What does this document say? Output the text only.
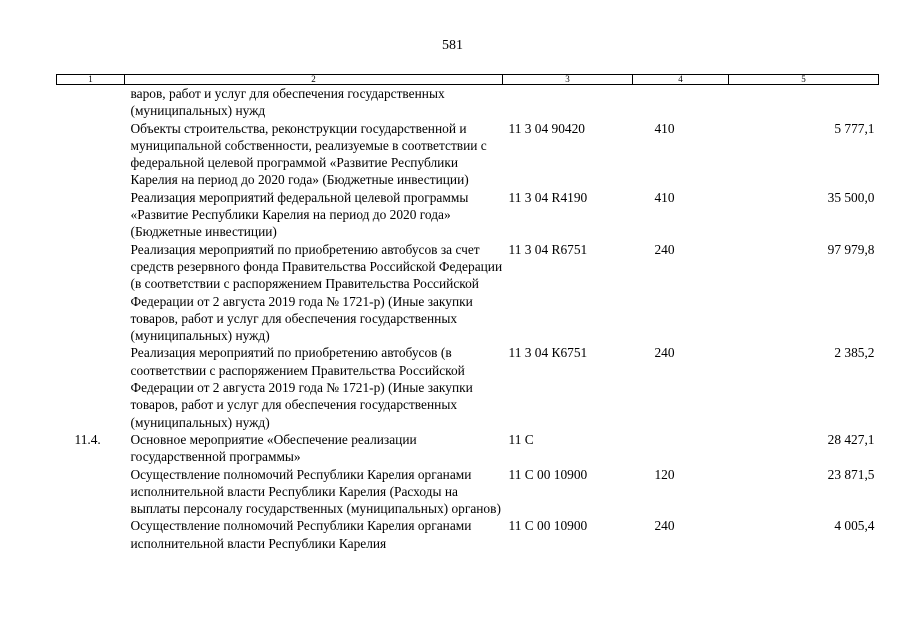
581
1	2	3	4	5
	варов, работ и услуг для обеспечения государственных (муниципальных) нужд			
	Объекты строительства, реконструкции государственной и муниципальной собственности, реализуемые в соответствии с федеральной целевой программой «Развитие Республики Карелия на период до 2020 года» (Бюджетные инвестиции)	11 3 04 90420	410	5 777,1
	Реализация мероприятий федеральной целевой программы «Развитие Республики Карелия на период до 2020 года» (Бюджетные инвестиции)	11 3 04 R4190	410	35 500,0
	Реализация мероприятий по приобретению автобусов за счет средств резервного фонда Правительства Российской Федерации (в соответствии с распоряжением Правительства Российской Федерации от 2 августа 2019 года № 1721-р) (Иные закупки товаров, работ и услуг для обеспечения государственных (муниципальных) нужд)	11 3 04 R6751	240	97 979,8
	Реализация мероприятий по приобретению автобусов (в соответствии с распоряжением Правительства Российской Федерации от 2 августа 2019 года № 1721-р) (Иные закупки товаров, работ и услуг для обеспечения государственных (муниципальных) нужд)	11 3 04 К6751	240	2 385,2
11.4.	Основное мероприятие «Обеспечение реализации государственной программы»	11 С		28 427,1
	Осуществление полномочий Республики Карелия органами исполнительной власти Республики Карелия (Расходы на выплаты персоналу государственных (муниципальных) органов)	11 С 00 10900	120	23 871,5
	Осуществление полномочий Республики Карелия органами исполнительной власти Республики Карелия	11 С 00 10900	240	4 005,4
